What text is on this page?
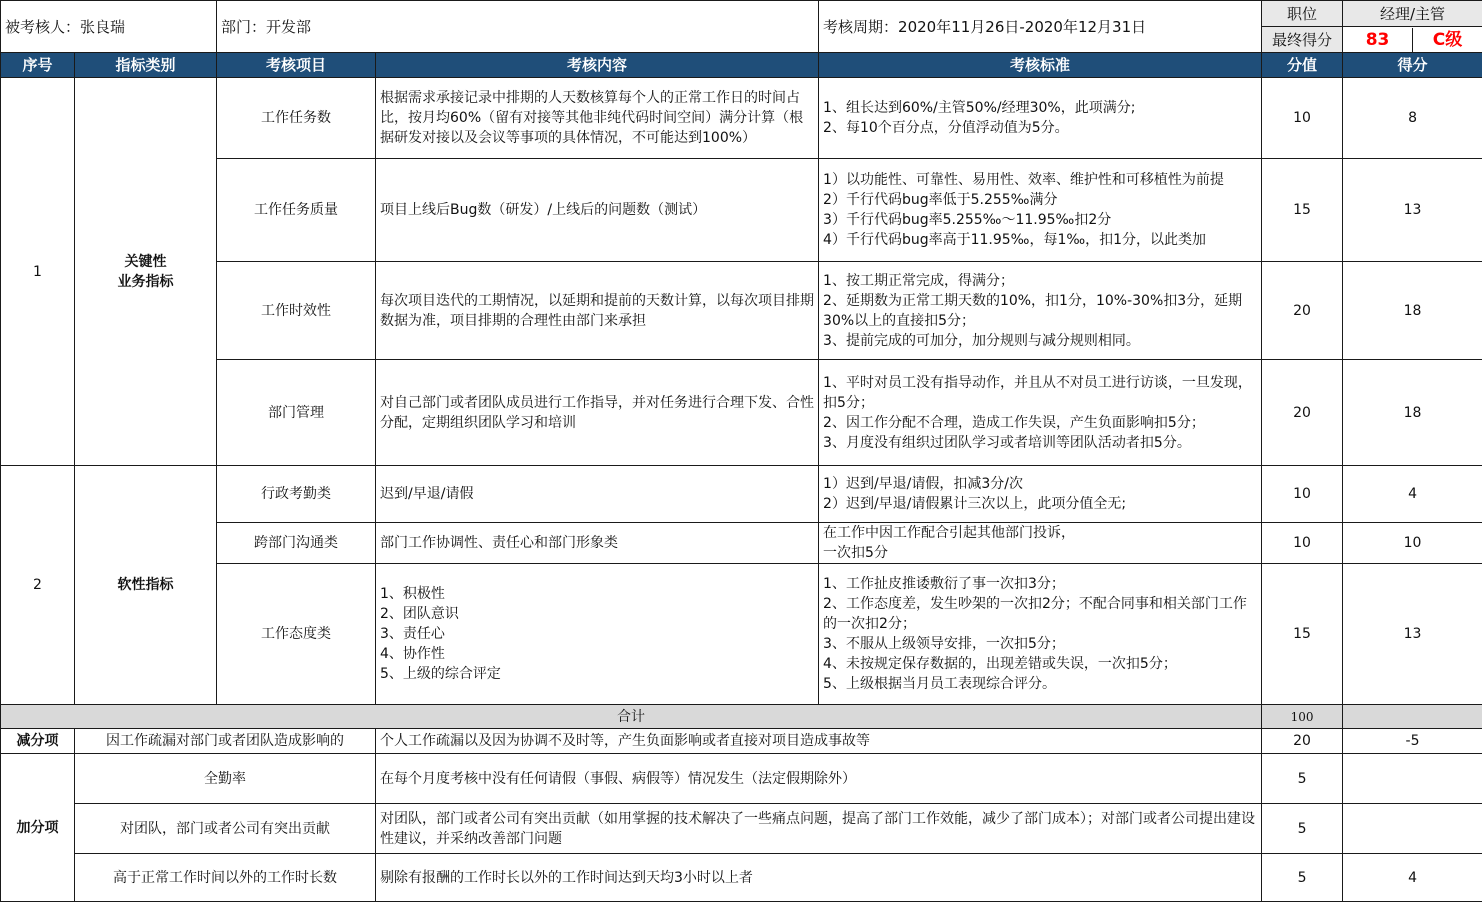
被考核人：张良瑞		部门：开发部		考核周期：2020年11月26日-2020年12月31日	职位	经理/主管
					最终得分	83 C级

序号	指标类别	考核项目	考核内容	考核标准	分值	得分
1	关键性
业务指标	工作任务数	根据需求承接记录中排期的人天数核算每个人的正常工作日的时间占比，按月均60%（留有对接等其他非纯代码时间空间）满分计算（根据研发对接以及会议等事项的具体情况，不可能达到100%）	1、组长达到60%/主管50%/经理30%，此项满分;
2、每10个百分点，分值浮动值为5分。	10	8
		工作任务质量	项目上线后Bug数（研发）/上线后的问题数（测试）	1）以功能性、可靠性、易用性、效率、维护性和可移植性为前提
2）千行代码bug率低于5.255‰满分
3）千行代码bug率5.255‰～11.95‰扣2分
4）千行代码bug率高于11.95‰，每1‰，扣1分，以此类加	15	13
		工作时效性	每次项目迭代的工期情况，以延期和提前的天数计算，以每次项目排期数据为准，项目排期的合理性由部门来承担	1、按工期正常完成，得满分；
2、延期数为正常工期天数的10%，扣1分，10%-30%扣3分，延期30%以上的直接扣5分；
3、提前完成的可加分，加分规则与减分规则相同。	20	18
		部门管理	对自己部门或者团队成员进行工作指导，并对任务进行合理下发、合性分配，定期组织团队学习和培训	1、平时对员工没有指导动作，并且从不对员工进行访谈，一旦发现，扣5分；
2、因工作分配不合理，造成工作失误，产生负面影响扣5分；
3、月度没有组织过团队学习或者培训等团队活动者扣5分。	20	18
2	软性指标	行政考勤类	迟到/早退/请假	1）迟到/早退/请假，扣减3分/次
2）迟到/早退/请假累计三次以上，此项分值全无;	10	4
		跨部门沟通类	部门工作协调性、责任心和部门形象类	在工作中因工作配合引起其他部门投诉，
一次扣5分	10	10
		工作态度类	1、积极性
2、团队意识
3、责任心
4、协作性
5、上级的综合评定	1、工作扯皮推诿敷衍了事一次扣3分；
2、工作态度差，发生吵架的一次扣2分；不配合同事和相关部门工作的一次扣2分；
3、不服从上级领导安排，一次扣5分；
4、未按规定保存数据的，出现差错或失误，一次扣5分；
5、上级根据当月员工表现综合评分。	15	13
合计					100	
减分项	因工作疏漏对部门或者团队造成影响的		个人工作疏漏以及因为协调不及时等，产生负面影响或者直接对项目造成事故等		20	-5
加分项	全勤率		在每个月度考核中没有任何请假（事假、病假等）情况发生（法定假期除外）		5	
	对团队，部门或者公司有突出贡献		对团队，部门或者公司有突出贡献（如用掌握的技术解决了一些痛点问题，提高了部门工作效能，减少了部门成本）；对部门或者公司提出建设性建议，并采纳改善部门问题		5	
	高于正常工作时间以外的工作时长数		剔除有报酬的工作时长以外的工作时间达到天均3小时以上者		5	4
